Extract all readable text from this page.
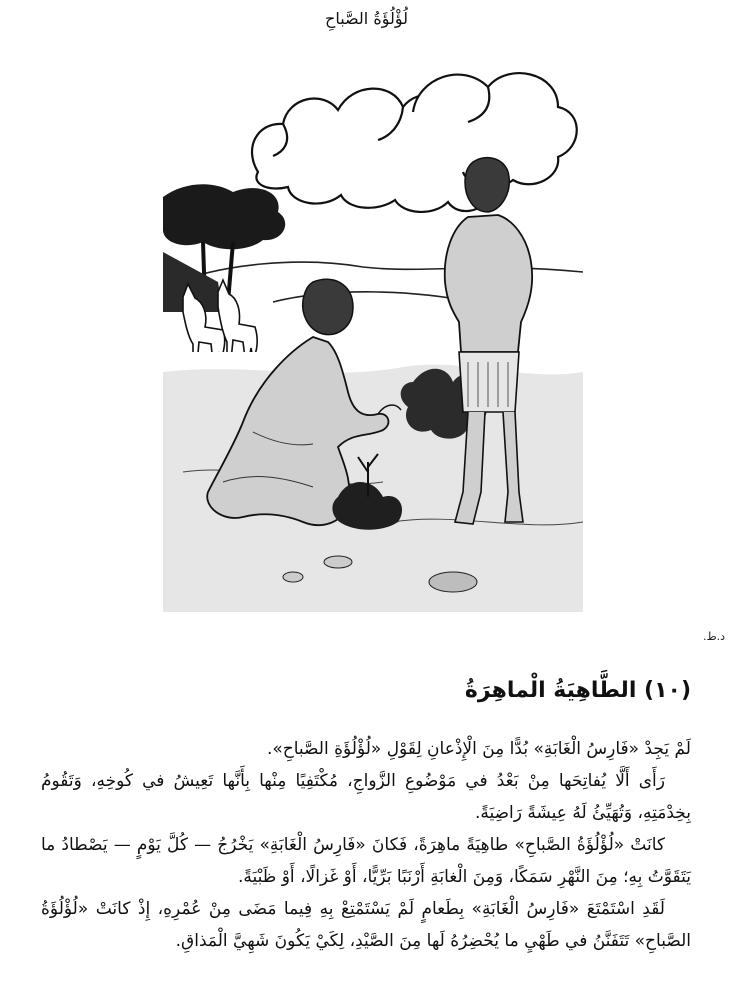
لُؤْلُؤَةُ الصَّباحِ
د.ط.
(١٠) الطَّاهِيَةُ الْماهِرَةُ

لَمْ يَجِدْ «فَارِسُ الْغَابَةِ» بُدًّا مِنَ الْإِذْعانِ لِقَوْلِ «لُؤْلُؤَةِ الصَّباحِ».

رَأَى أَلَّا يُفاتِحَها مِنْ بَعْدُ في مَوْضُوعِ الزَّواجِ، مُكْتَفِيًا مِنْها بِأَنَّها تَعِيشُ في كُوخِهِ، وَتَقُومُ بِخِدْمَتِهِ، وَتُهَيِّئُ لَهُ عِيشَةً رَاضِيَةً.

كانَتْ «لُؤْلُؤَةُ الصَّباحِ» طاهِيَةً ماهِرَةً، فَكانَ «فَارِسُ الْغَابَةِ» يَخْرُجُ — كُلَّ يَوْمٍ — يَصْطادُ ما يَتَقَوَّتُ بِهِ؛ مِنَ النَّهْرِ سَمَكًا، وَمِنَ الْغابَةِ أَرْنَبًا بَرِّيًّا، أَوْ غَزالًا، أَوْ ظَبْيَةً.

لَقَدِ اسْتَمْتَعَ «فَارِسُ الْغَابَةِ» بِطَعامٍ لَمْ يَسْتَمْتِعْ بِهِ فِيما مَضَى مِنْ عُمْرِهِ، إِذْ كانَتْ «لُؤْلُؤَةُ الصَّباحِ» تَتَفَنَّنُ في طَهْيِ ما يُحْضِرُهُ لَها مِنَ الصَّيْدِ، لِكَيْ يَكُونَ شَهِيَّ الْمَذاقِ.
